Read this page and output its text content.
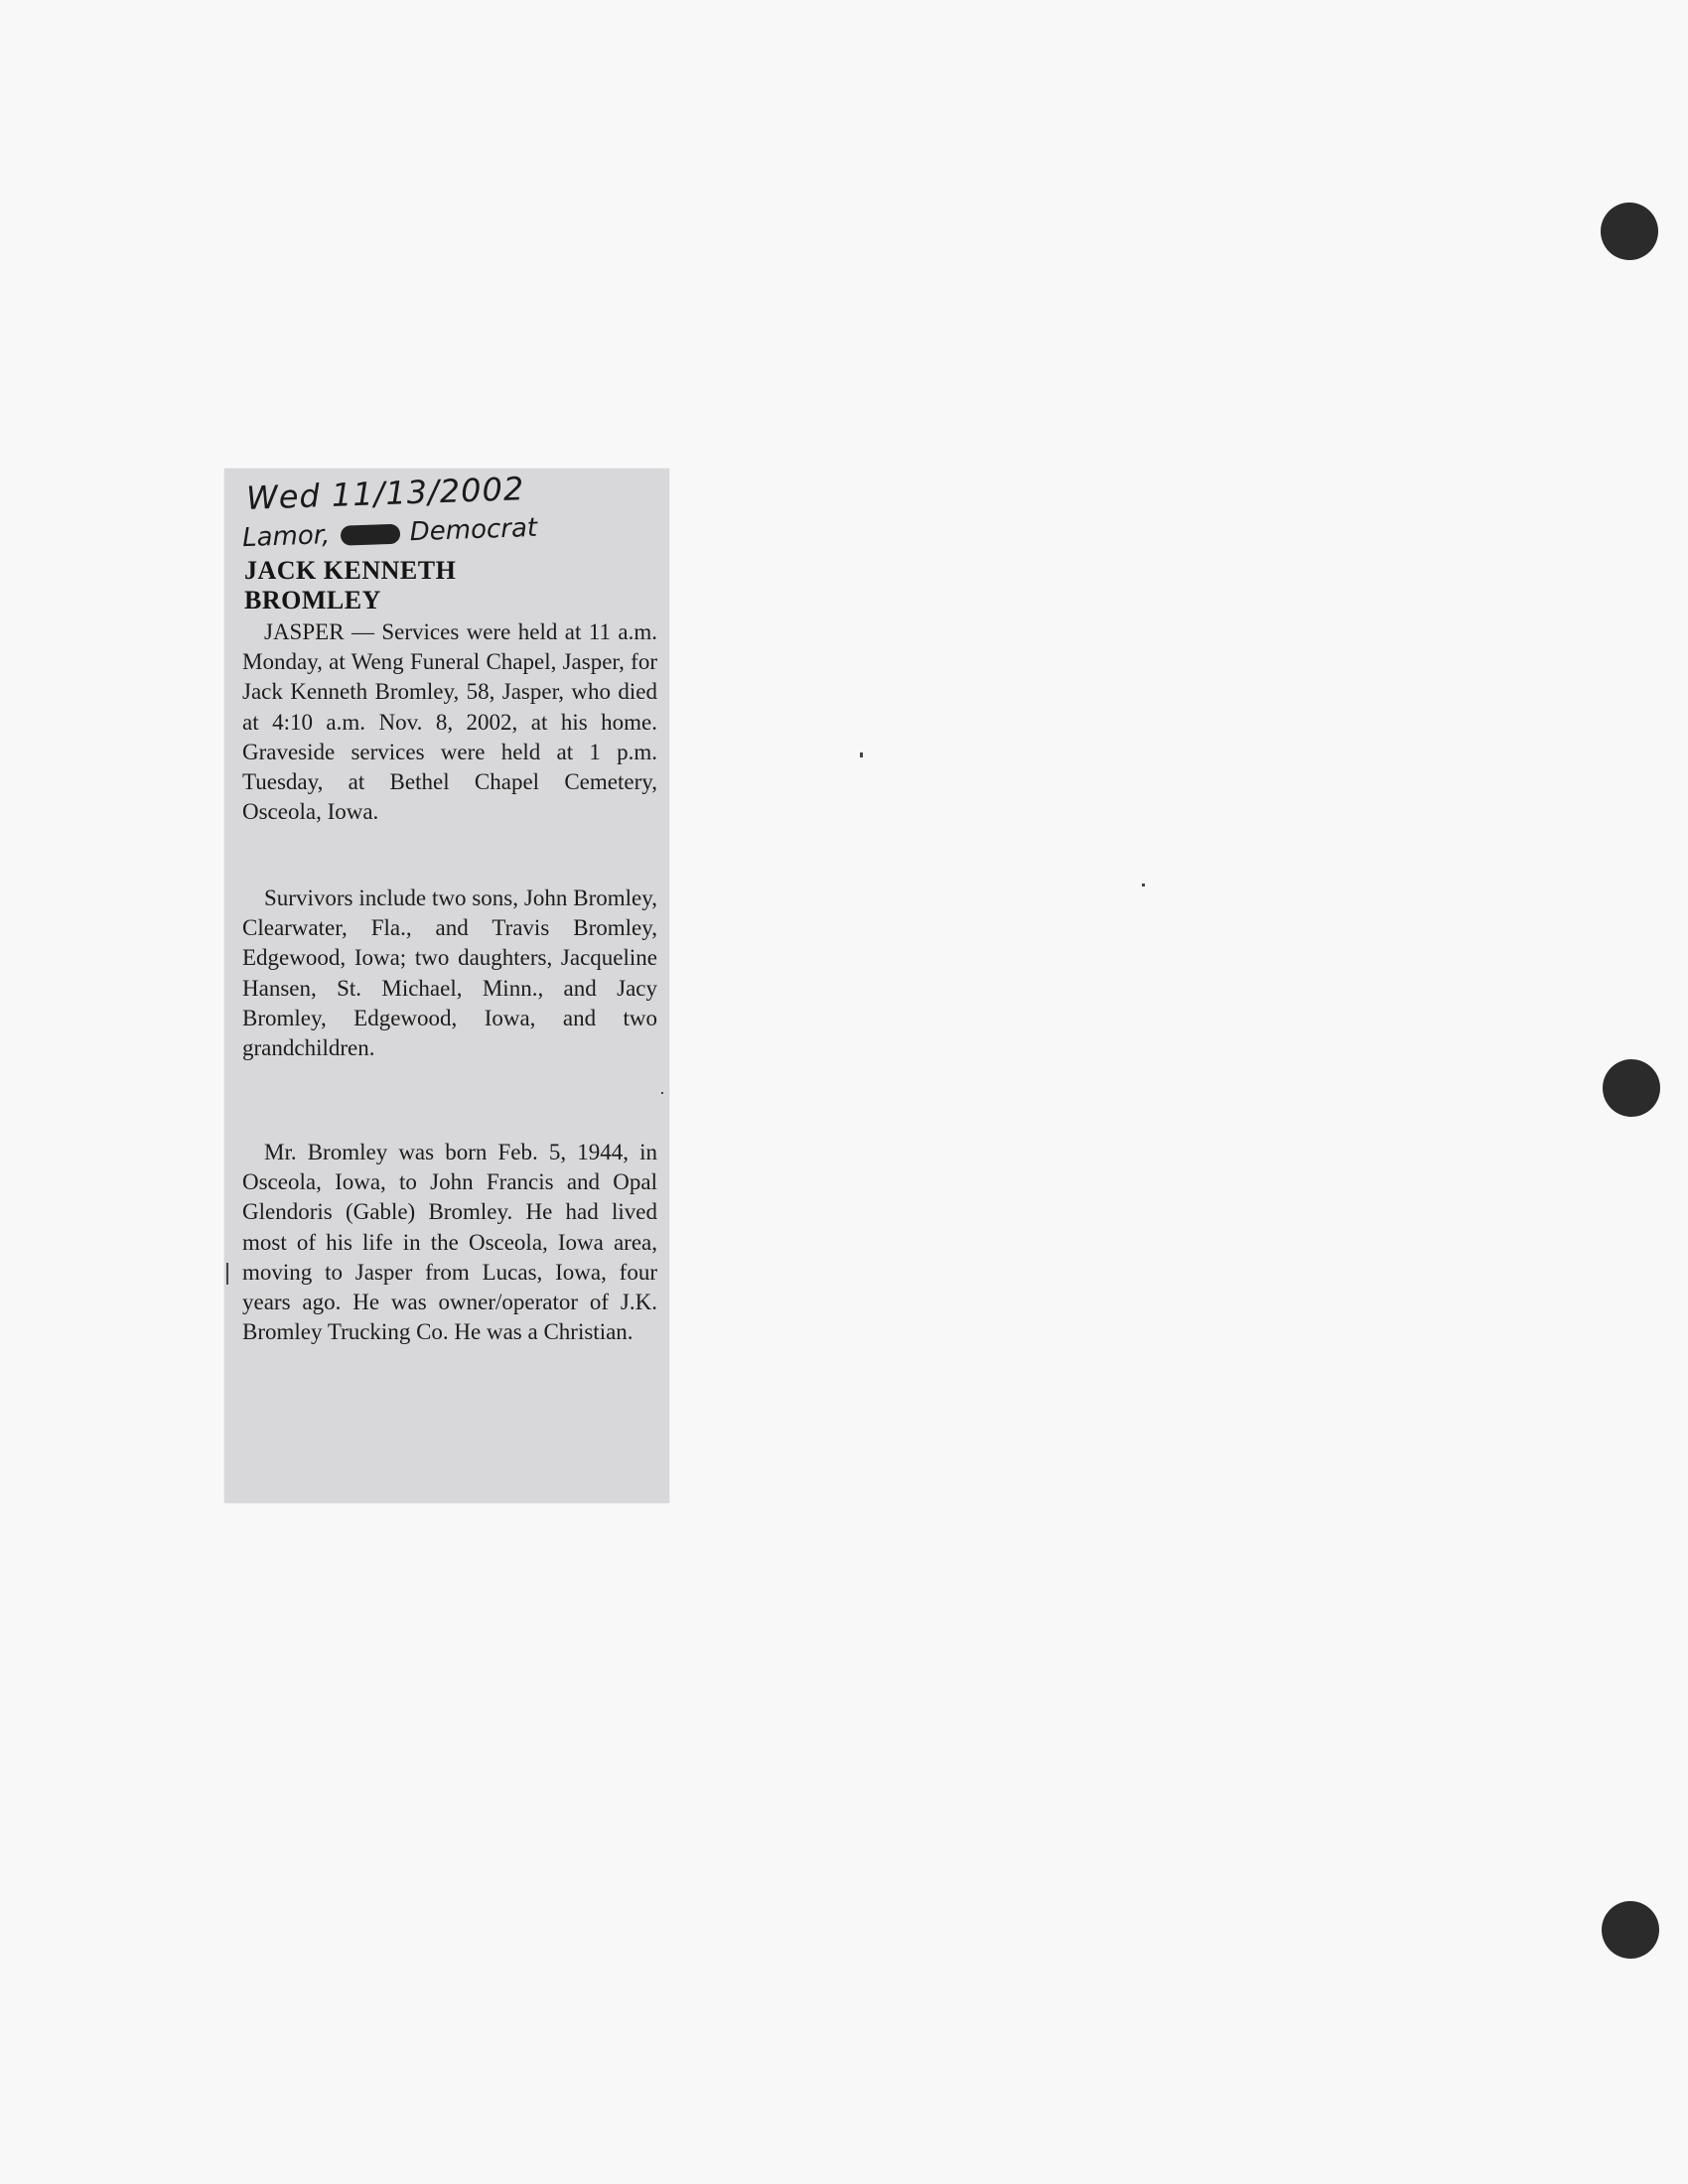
Wed 11/13/2002
Lamor,	Democrat
JACK KENNETH
BROMLEY
JASPER — Services were held at 11 a.m. Monday, at Weng Funeral Chapel, Jasper, for Jack Kenneth Bromley, 58, Jasper, who died at 4:10 a.m. Nov. 8, 2002, at his home. Graveside services were held at 1 p.m. Tuesday, at Bethel Chapel Cemetery, Osceola, Iowa.
Survivors include two sons, John Bromley, Clearwater, Fla., and Travis Bromley, Edgewood, Iowa; two daughters, Jacqueline Hansen, St. Michael, Minn., and Jacy Bromley, Edgewood, Iowa, and two grandchildren.
Mr. Bromley was born Feb. 5, 1944, in Osceola, Iowa, to John Francis and Opal Glendoris (Gable) Bromley. He had lived most of his life in the Osceola, Iowa area, moving to Jasper from Lucas, Iowa, four years ago. He was owner/operator of J.K. Bromley Trucking Co. He was a Christian.
